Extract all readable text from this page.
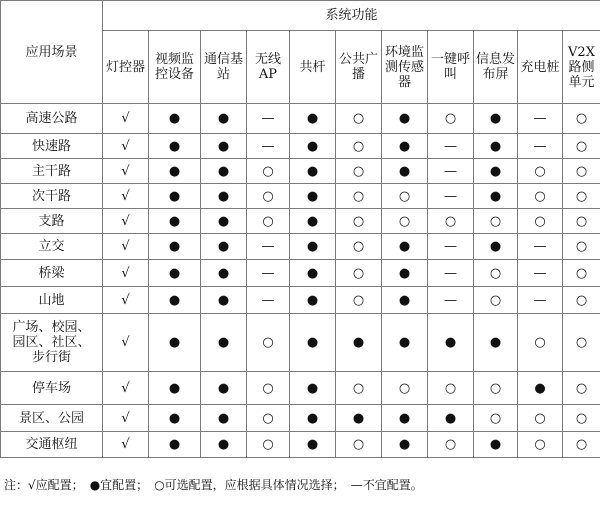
应用场景	系统功能										
	灯控器	视频监控设备	通信基站	无线AP	共杆	公共广播	环境监测传感器	一键呼叫	信息发布屏	充电桩	V2X路侧单元
高速公路	√	●	●	—	●	○	●	○	●	—	○
快速路	√	●	●	—	●	○	●	—	●	—	○
主干路	√	●	●	○	●	○	●	—	●	○	○
次干路	√	●	●	○	●	○	○	—	●	○	○
支路	√	●	●	○	●	○	○	○	○	○	○
立交	√	●	●	—	●	○	●	—	●	—	○
桥梁	√	●	●	—	●	○	●	—	○	—	○
山地	√	●	●	—	●	○	●	—	○	—	○
广场、校园、园区、社区、步行街	√	●	●	○	●	●	●	●	●	○	○
停车场	√	●	●	○	●	○	○	○	○	●	○
景区、公园	√	●	●	○	●	●	●	●	○	○	○
交通枢纽	√	●	●	○	●	○	●	○	●	○	○
注：√应配置；　 ●宜配置；　 ○可选配置，应根据具体情况选择；　 —不宜配置。
